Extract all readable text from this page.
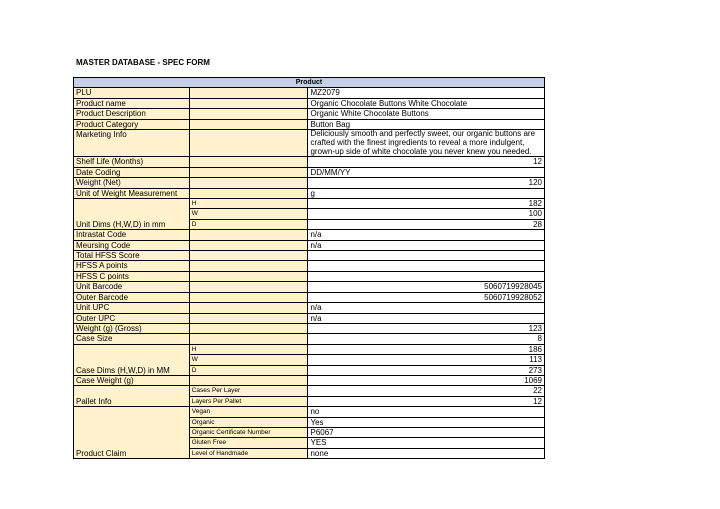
MASTER DATABASE - SPEC FORM
Product		
PLU		MZ2079
Product name		Organic Chocolate Buttons White Chocolate
Product Description		Organic White Chocolate Buttons
Product Category		Button Bag
Marketing Info		Deliciously smooth and perfectly sweet, our organic buttons are crafted with the finest ingredients to reveal a more indulgent, grown-up side of white chocolate you never knew you needed.
Shelf Life (Months)		12
Date Coding		DD/MM/YY
Weight (Net)		120
Unit of Weight Measurement		g
Unit Dims (H,W,D) in mm	H	182
	W	100
	D	28
Intrastat Code		n/a
Meursing Code		n/a
Total HFSS Score		
HFSS A points		
HFSS C points		
Unit Barcode		5060719928045
Outer Barcode		5060719928052
Unit UPC		n/a
Outer UPC		n/a
Weight (g) (Gross)		123
Case Size		8
Case Dims (H,W,D) in MM	H	186
	W	113
	D	273
Case Weight (g)		1069
Pallet Info	Cases Per Layer	22
	Layers Per Pallet	12
Product Claim	Vegan	no
	Organic	Yes
	Organic Certificate Number	P6067
	Gluten Free	YES
	Level of Handmade	none
